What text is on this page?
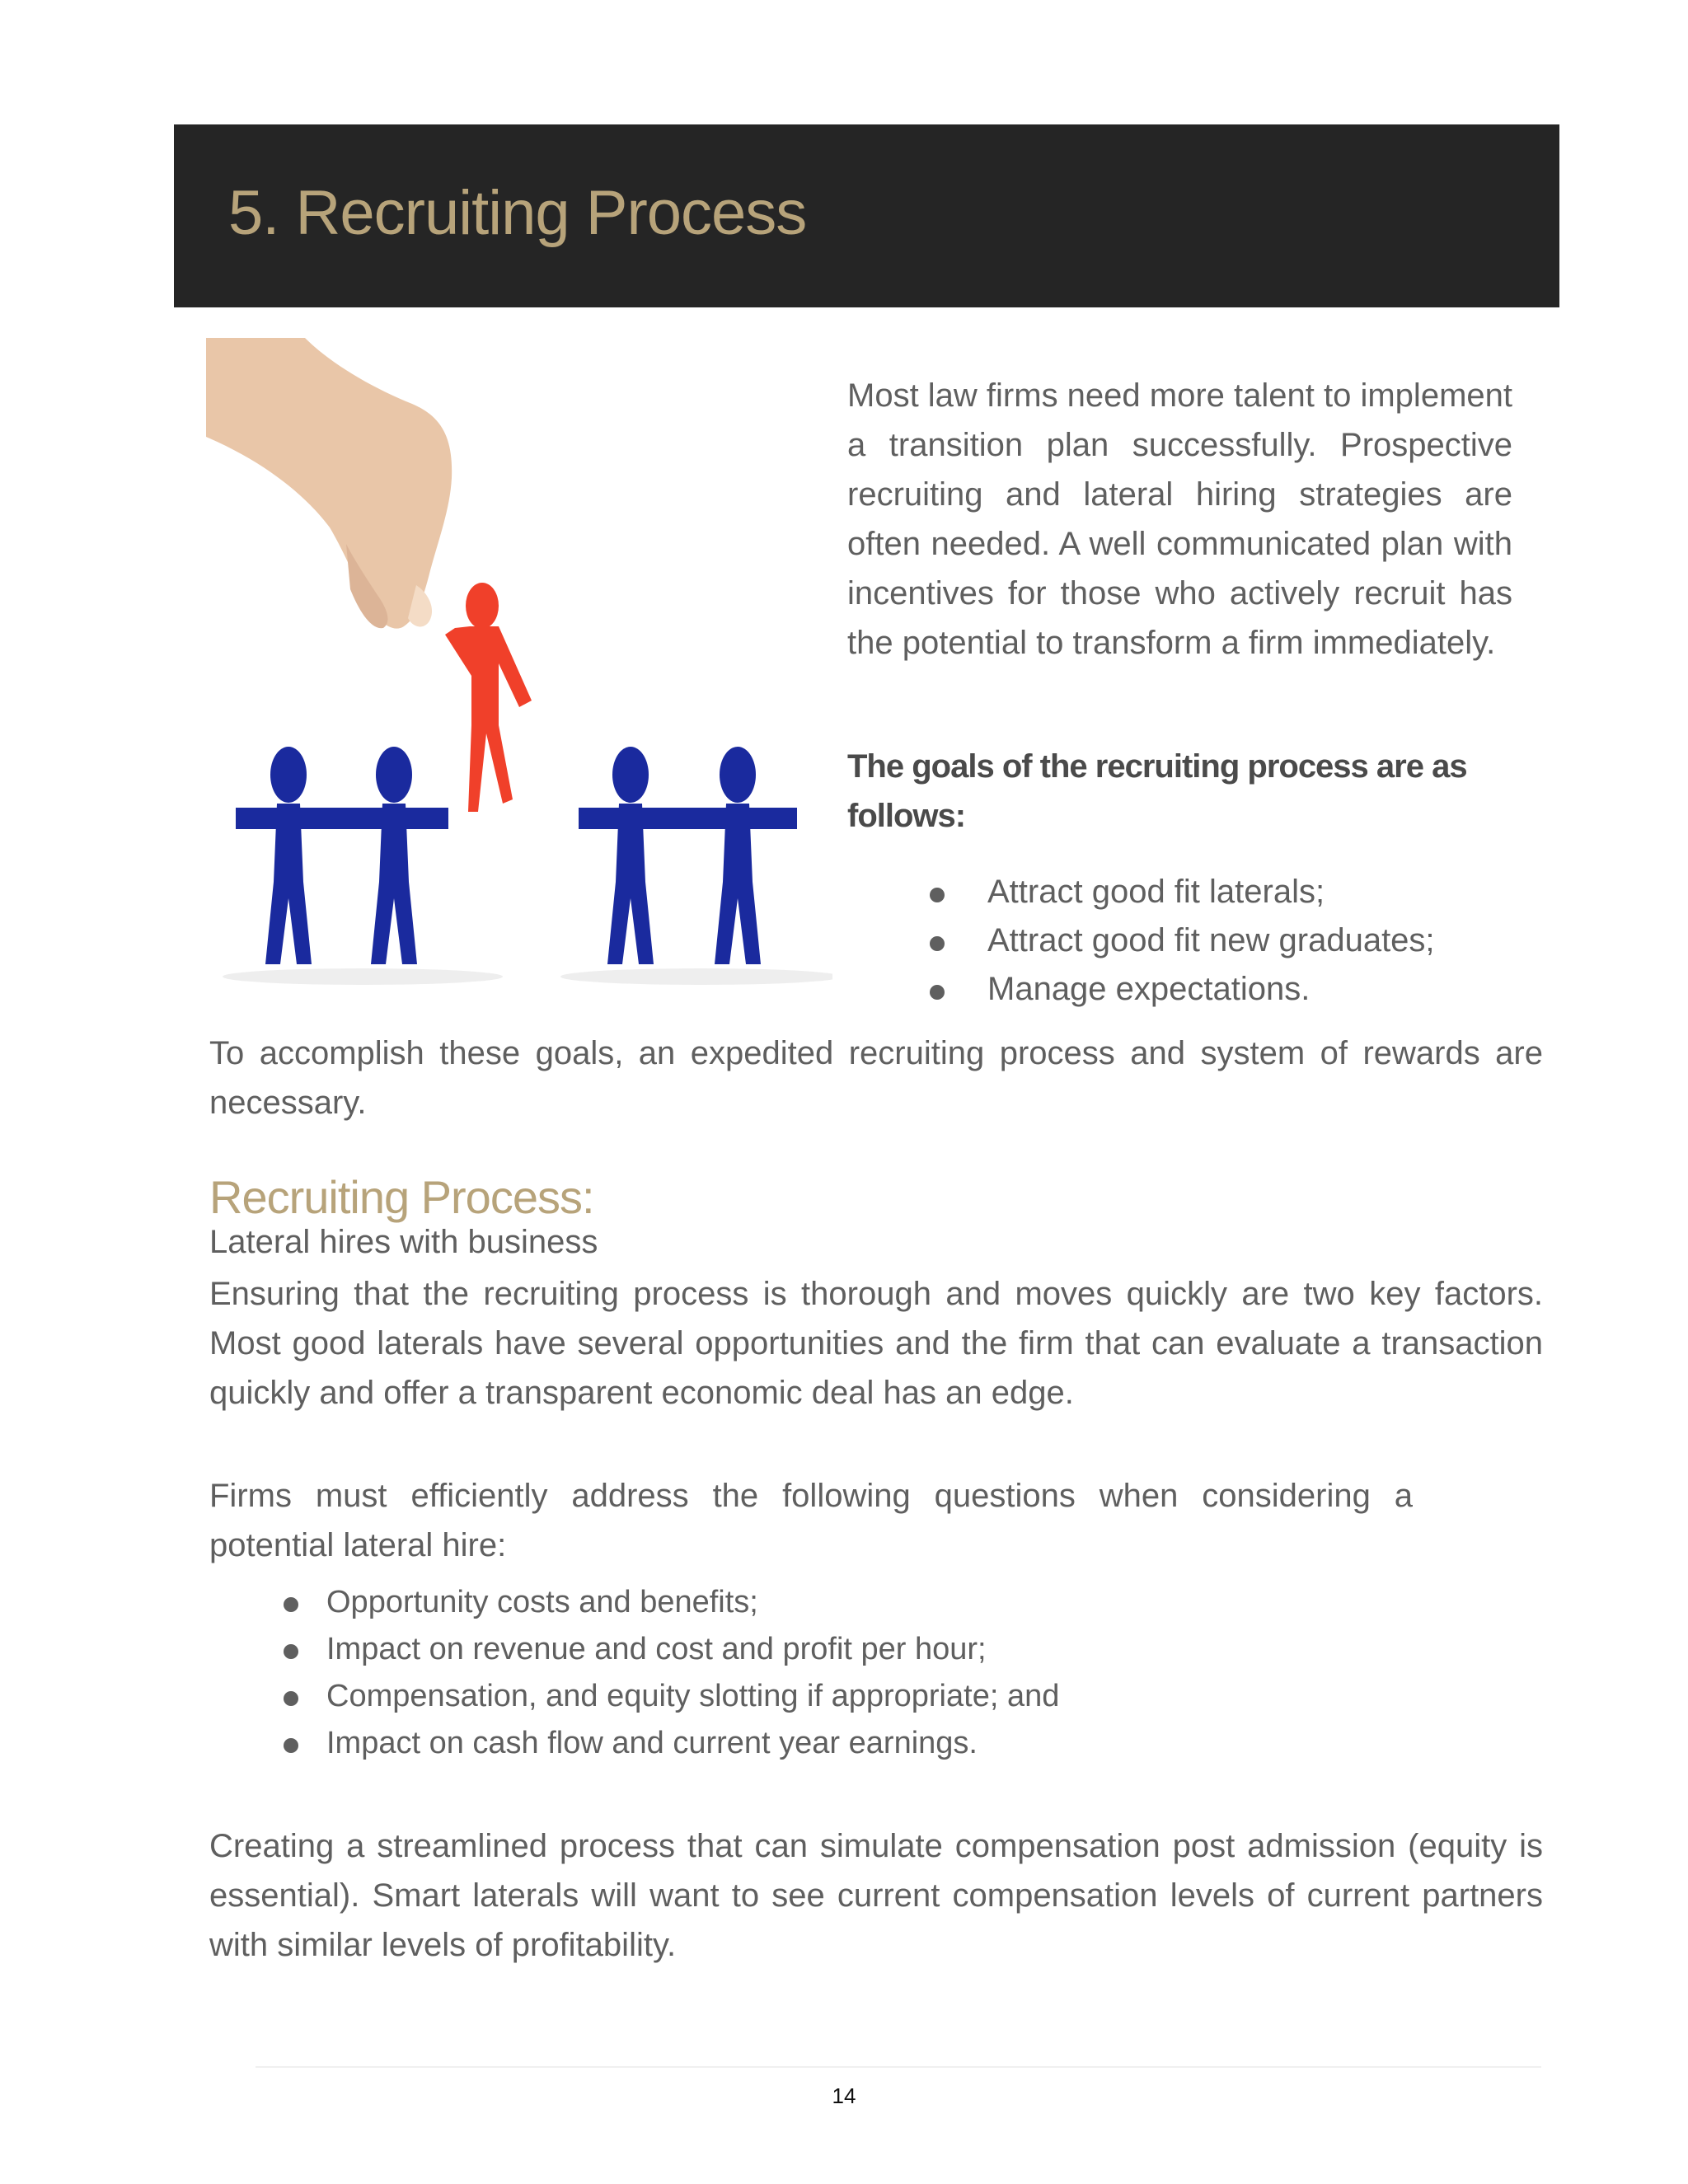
5. Recruiting Process

Most law firms need more talent to implement a transition plan successfully. Prospective recruiting and lateral hiring strategies are often needed. A well communicated plan with incentives for those who actively recruit has the potential to transform a firm immediately.

The goals of the recruiting process are as follows:

Attract good fit laterals;
Attract good fit new graduates;
Manage expectations.

To accomplish these goals, an expedited recruiting process and system of rewards are necessary.

Recruiting Process:

Lateral hires with business

Ensuring that the recruiting process is thorough and moves quickly are two key factors. Most good laterals have several opportunities and the firm that can evaluate a transaction quickly and offer a transparent economic deal has an edge.

Firms must efficiently address the following questions when considering a potential lateral hire:

Opportunity costs and benefits;
Impact on revenue and cost and profit per hour;
Compensation, and equity slotting if appropriate; and
Impact on cash flow and current year earnings.

Creating a streamlined process that can simulate compensation post admission (equity is essential). Smart laterals will want to see current compensation levels of current partners with similar levels of profitability.

14
